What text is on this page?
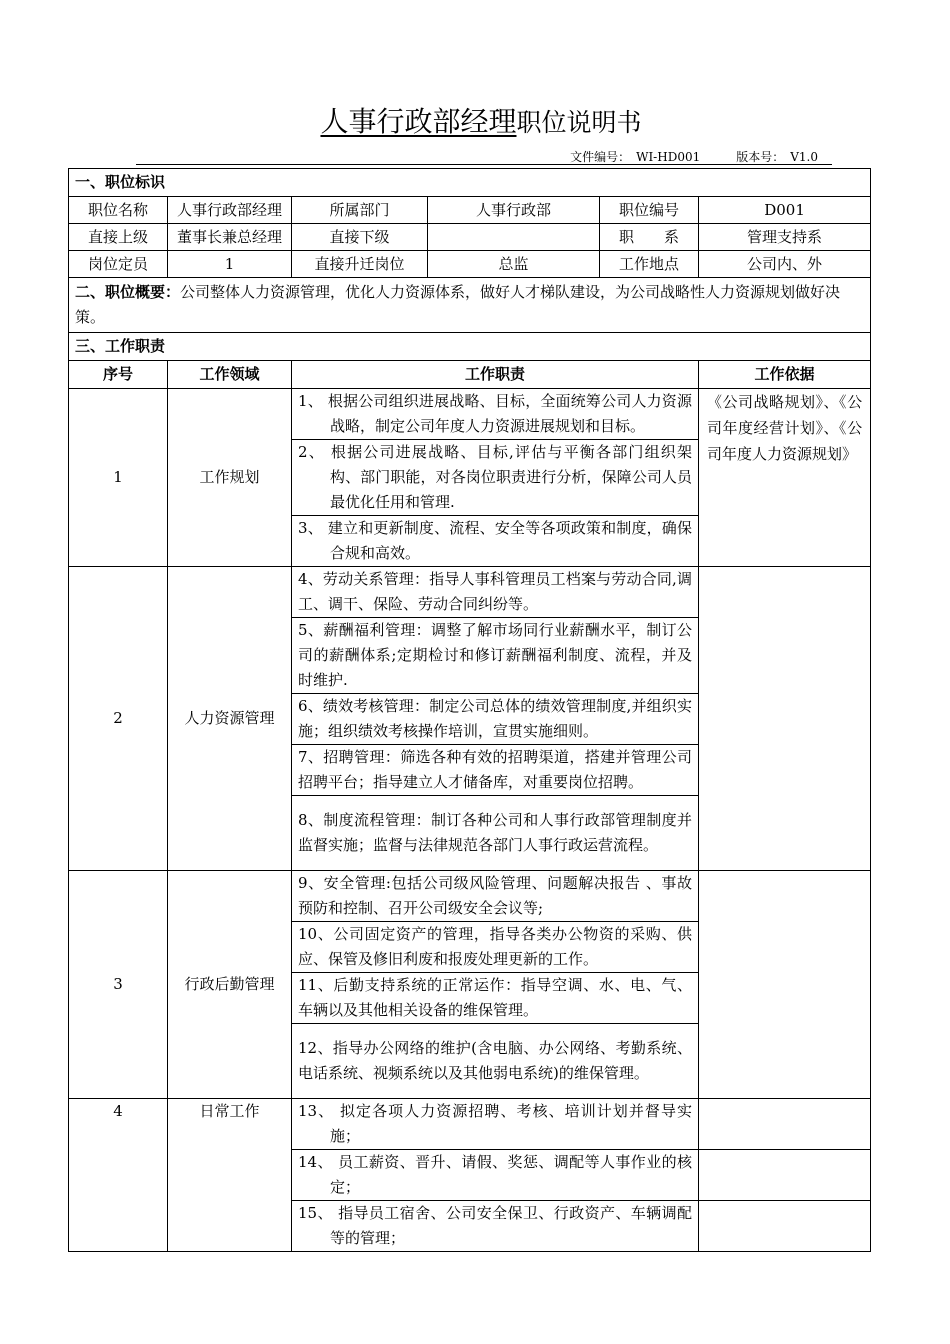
人事行政部经理职位说明书
文件编号： WI-HD001	版本号： V1.0
一、职位标识					
职位名称	人事行政部经理	所属部门	人事行政部	职位编号	D001
直接上级	董事长兼总经理	直接下级		职　　系	管理支持系
岗位定员	1	直接升迁岗位	总监	工作地点	公司内、外
二、职位概要：公司整体人力资源管理，优化人力资源体系，做好人才梯队建设，为公司战略性人力资源规划做好决策。					
三、工作职责					
序号	工作领域	工作职责			工作依据
1	工作规划	1、 根据公司组织进展战略、目标，全面统筹公司人力资源战略，制定公司年度人力资源进展规划和目标。			《公司战略规划》、《公司年度经营计划》、《公司年度人力资源规划》
		2、 根据公司进展战略、目标,评估与平衡各部门组织架构、部门职能，对各岗位职责进行分析，保障公司人员最优化任用和管理.			
		3、 建立和更新制度、流程、安全等各项政策和制度，确保合规和高效。			
2	人力资源管理	4、劳动关系管理：指导人事科管理员工档案与劳动合同,调工、调干、保险、劳动合同纠纷等。			
		5、薪酬福利管理：调整了解市场同行业薪酬水平，制订公司的薪酬体系;定期检讨和修订薪酬福利制度、流程，并及时维护.			
		6、绩效考核管理：制定公司总体的绩效管理制度,并组织实施；组织绩效考核操作培训，宣贯实施细则。			
		7、招聘管理：筛选各种有效的招聘渠道，搭建并管理公司招聘平台；指导建立人才储备库，对重要岗位招聘。			
		8、制度流程管理：制订各种公司和人事行政部管理制度并监督实施；监督与法律规范各部门人事行政运营流程。			
3	行政后勤管理	9、安全管理:包括公司级风险管理、问题解决报告 、事故预防和控制、召开公司级安全会议等;			
		10、公司固定资产的管理，指导各类办公物资的采购、供应、保管及修旧利废和报废处理更新的工作。			
		11、后勤支持系统的正常运作：指导空调、水、电、气、车辆以及其他相关设备的维保管理。			
		12、指导办公网络的维护(含电脑、办公网络、考勤系统、电话系统、视频系统以及其他弱电系统)的维保管理。			
4	日常工作	13、 拟定各项人力资源招聘、考核、培训计划并督导实施；			
		14、 员工薪资、晋升、请假、奖惩、调配等人事作业的核定；			
		15、 指导员工宿舍、公司安全保卫、行政资产、车辆调配等的管理；			
